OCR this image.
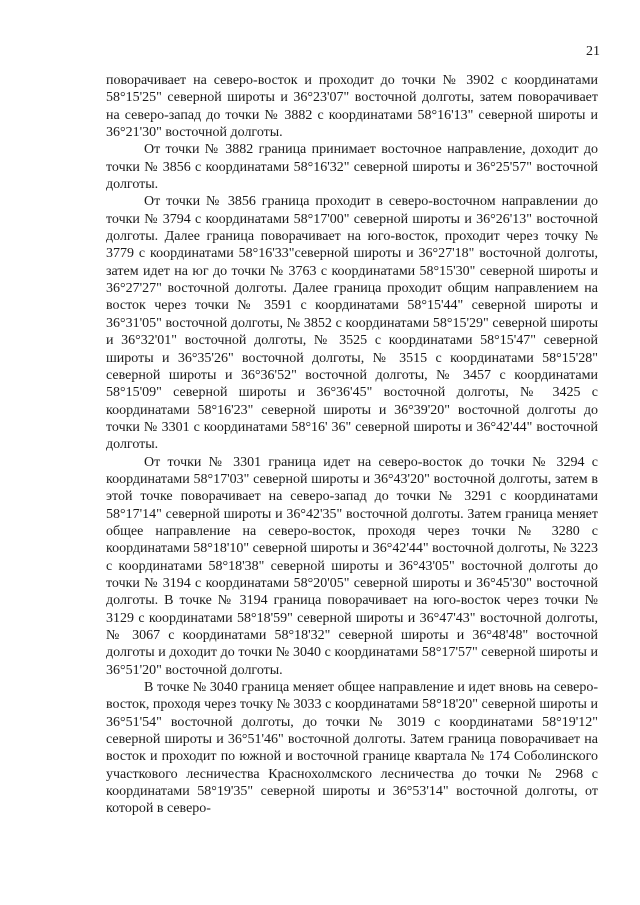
21

поворачивает на северо-восток и проходит до точки № 3902 с координатами 58°15'25" северной широты и 36°23'07" восточной долготы, затем поворачивает на северо-запад до точки № 3882 с координатами 58°16'13" северной широты и 36°21'30" восточной долготы.

От точки № 3882 граница принимает восточное направление, доходит до точки № 3856 с координатами 58°16'32" северной широты и 36°25'57" восточной долготы.

От точки № 3856 граница проходит в северо-восточном направлении до точки № 3794 с координатами 58°17'00" северной широты и 36°26'13" восточной долготы. Далее граница поворачивает на юго-восток, проходит через точку № 3779 с координатами 58°16'33"северной широты и 36°27'18" восточной долготы, затем идет на юг до точки № 3763 с координатами 58°15'30" северной широты и 36°27'27" восточной долготы. Далее граница проходит общим направлением на восток через точки № 3591 с координатами 58°15'44" северной широты и 36°31'05" восточной долготы, № 3852 с координатами 58°15'29" северной широты и 36°32'01" восточной долготы, № 3525 с координатами 58°15'47" северной широты и 36°35'26" восточной долготы, № 3515 с координатами 58°15'28" северной широты и 36°36'52" восточной долготы, № 3457 с координатами 58°15'09" северной широты и 36°36'45" восточной долготы, № 3425 с координатами 58°16'23" северной широты и 36°39'20" восточной долготы до точки № 3301 с координатами 58°16' 36" северной широты и 36°42'44" восточной долготы.

От точки № 3301 граница идет на северо-восток до точки № 3294 с координатами 58°17'03" северной широты и 36°43'20" восточной долготы, затем в этой точке поворачивает на северо-запад до точки № 3291 с координатами 58°17'14" северной широты и 36°42'35" восточной долготы. Затем граница меняет общее направление на северо-восток, проходя через точки № 3280 с координатами 58°18'10" северной широты и 36°42'44" восточной долготы, № 3223 с координатами 58°18'38" северной широты и 36°43'05" восточной долготы до точки № 3194 с координатами 58°20'05" северной широты и 36°45'30" восточной долготы. В точке № 3194 граница поворачивает на юго-восток через точки № 3129 с координатами 58°18'59" северной широты и 36°47'43" восточной долготы, № 3067 с координатами 58°18'32" северной широты и 36°48'48" восточной долготы и доходит до точки № 3040 с координатами 58°17'57" северной широты и 36°51'20" восточной долготы.

В точке № 3040 граница меняет общее направление и идет вновь на северо-восток, проходя через точку № 3033 с координатами 58°18'20" северной широты и 36°51'54" восточной долготы, до точки № 3019 с координатами 58°19'12" северной широты и 36°51'46" восточной долготы. Затем граница поворачивает на восток и проходит по южной и восточной границе квартала № 174 Соболинского участкового лесничества Краснохолмского лесничества до точки № 2968 с координатами 58°19'35" северной широты и 36°53'14" восточной долготы, от которой в северо-
